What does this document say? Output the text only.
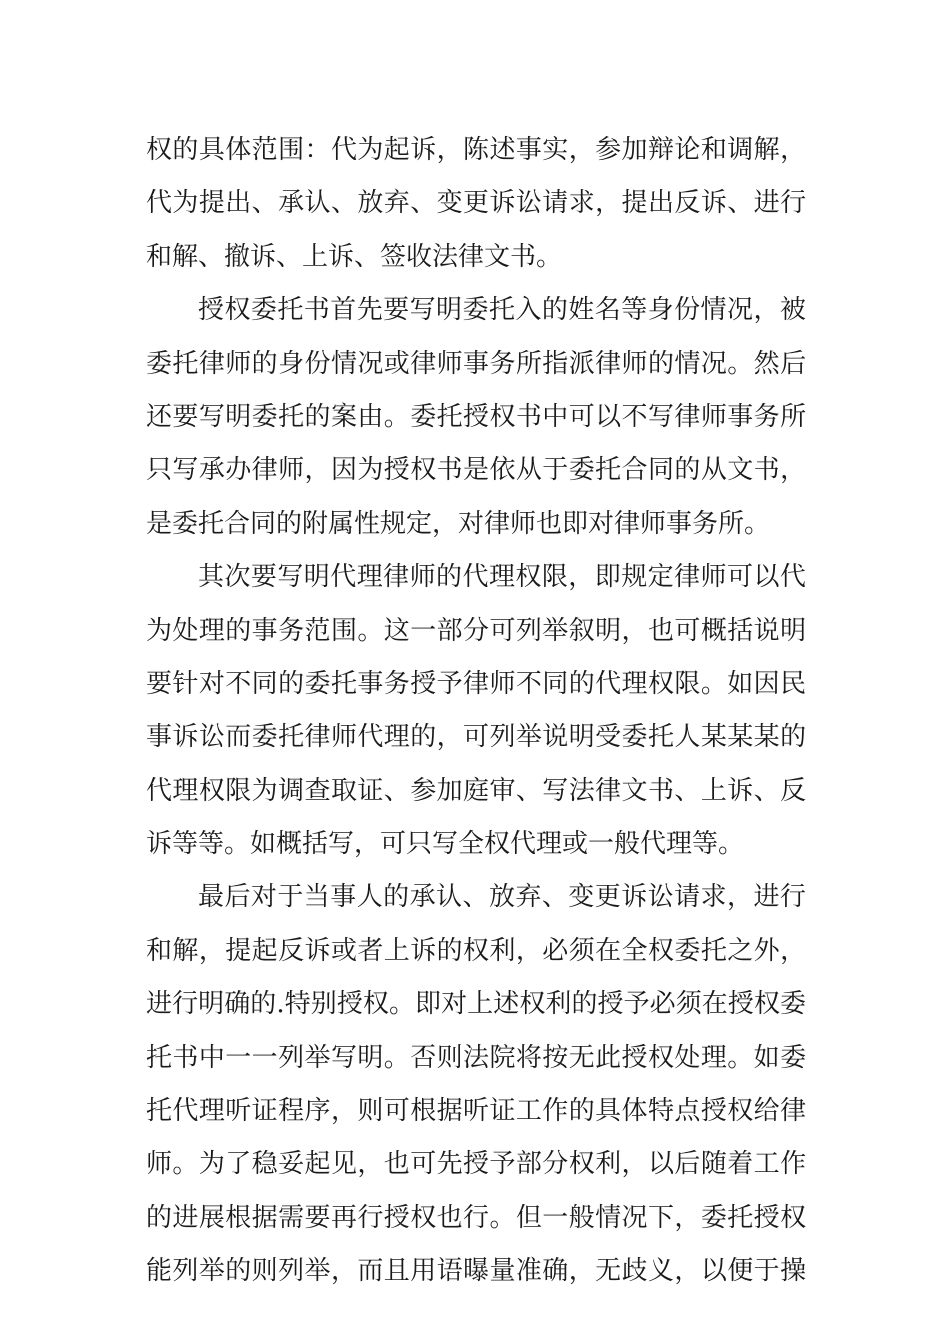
权的具体范围：代为起诉，陈述事实，参加辩论和调解，
代为提出、承认、放弃、变更诉讼请求，提出反诉、进行
和解、撤诉、上诉、签收法律文书。
授权委托书首先要写明委托入的姓名等身份情况，被
委托律师的身份情况或律师事务所指派律师的情况。然后
还要写明委托的案由。委托授权书中可以不写律师事务所
只写承办律师，因为授权书是依从于委托合同的从文书，
是委托合同的附属性规定，对律师也即对律师事务所。
其次要写明代理律师的代理权限，即规定律师可以代
为处理的事务范围。这一部分可列举叙明，也可概括说明
要针对不同的委托事务授予律师不同的代理权限。如因民
事诉讼而委托律师代理的，可列举说明受委托人某某某的
代理权限为调查取证、参加庭审、写法律文书、上诉、反
诉等等。如概括写，可只写全权代理或一般代理等。
最后对于当事人的承认、放弃、变更诉讼请求，进行
和解，提起反诉或者上诉的权利，必须在全权委托之外，
进行明确的.特别授权。即对上述权利的授予必须在授权委
托书中一一列举写明。否则法院将按无此授权处理。如委
托代理听证程序，则可根据听证工作的具体特点授权给律
师。为了稳妥起见，也可先授予部分权利，以后随着工作
的进展根据需要再行授权也行。但一般情况下，委托授权
能列举的则列举，而且用语曝量准确，无歧义，以便于操
